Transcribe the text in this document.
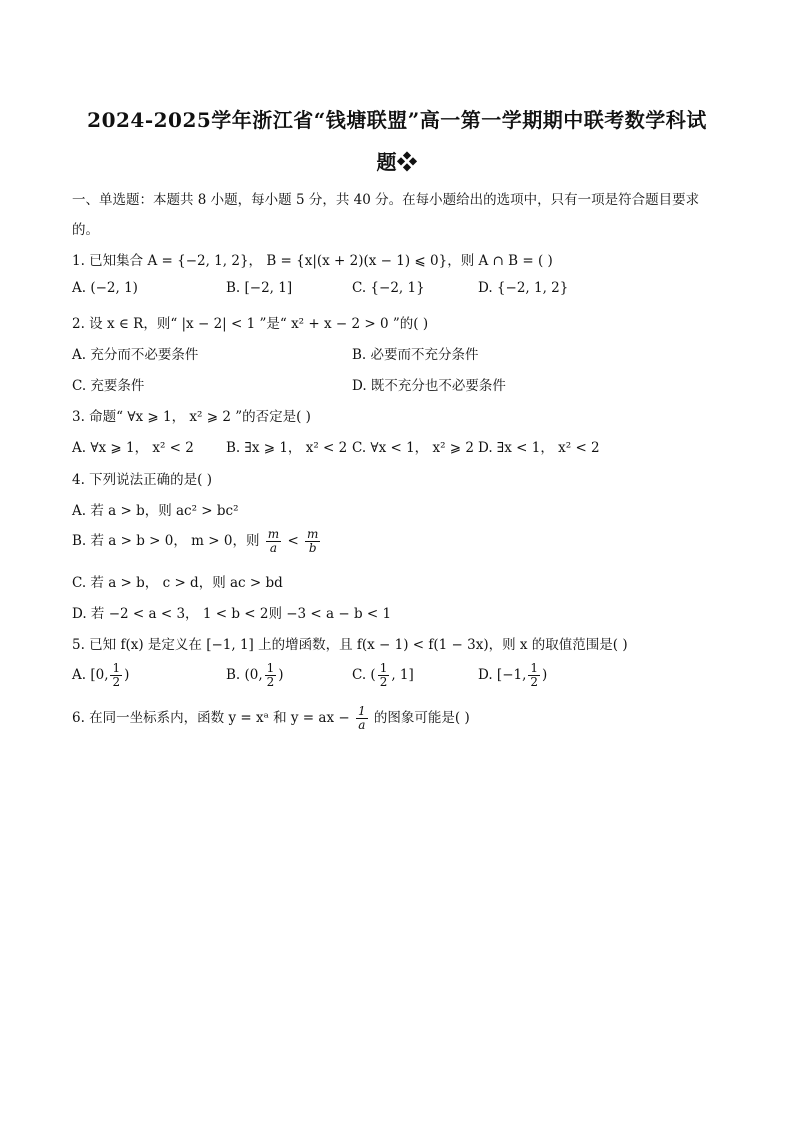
2024-2025学年浙江省“钱塘联盟”高一第一学期期中联考数学科试
题❖
一、单选题：本题共 8 小题，每小题 5 分，共 40 分。在每小题给出的选项中，只有一项是符合题目要求
的。
1. 已知集合 A = {−2, 1, 2}， B = {x|(x + 2)(x − 1) ⩽ 0}，则 A ∩ B = ( )
A. (−2, 1)	B. [−2, 1]	C. {−2, 1}	D. {−2, 1, 2}
2. 设 x ∈ R，则“ |x − 2| < 1 ”是“ x² + x − 2 > 0 ”的( )
A. 充分而不必要条件	B. 必要而不充分条件
C. 充要条件	D. 既不充分也不必要条件
3. 命题“ ∀x ⩾ 1， x² ⩾ 2 ”的否定是( )
A. ∀x ⩾ 1， x² < 2 B. ∃x ⩾ 1， x² < 2 C. ∀x < 1， x² ⩾ 2 D. ∃x < 1， x² < 2
4. 下列说法正确的是( )
A. 若 a > b，则 ac² > bc²
B. 若 a > b > 0， m > 0，则 $\frac{m}{a} < \frac{m}{b}$
C. 若 a > b， c > d，则 ac > bd
D. 若 −2 < a < 3， 1 < b < 2则 −3 < a − b < 1
5. 已知 f(x) 是定义在 [−1, 1] 上的增函数，且 f(x − 1) < f(1 − 3x)，则 x 的取值范围是( )
A. [0, $\frac{1}{2}$ )	B. (0, $\frac{1}{2}$ )	C. ( $\frac{1}{2}$ , 1]	D. [−1, $\frac{1}{2}$ )
6. 在同一坐标系内，函数 y = xᵃ 和 y = ax − $\frac{1}{a}$ 的图象可能是( )
